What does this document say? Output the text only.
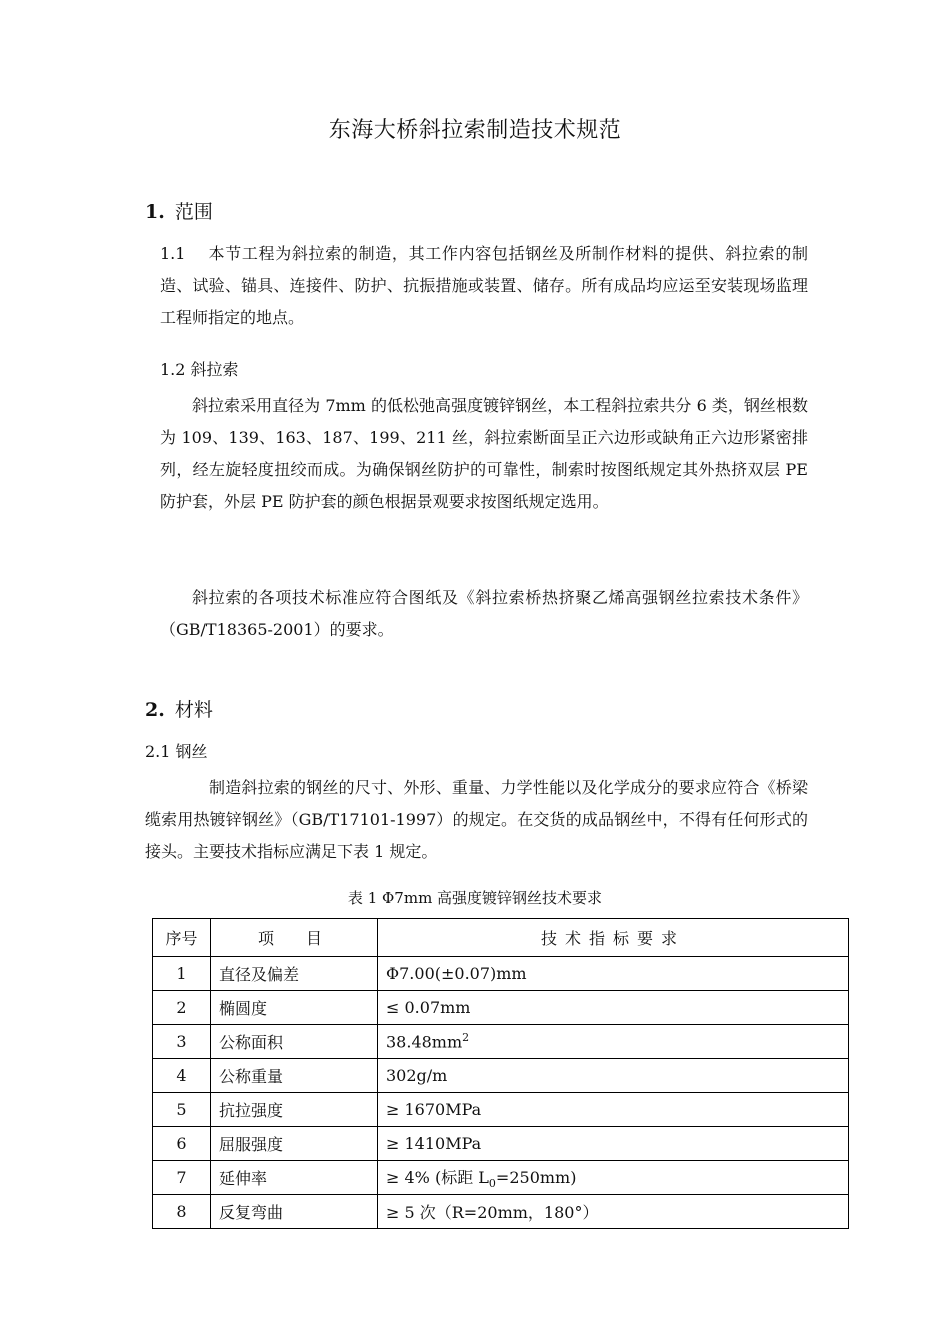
东海大桥斜拉索制造技术规范
1. 范围
1.1　 本节工程为斜拉索的制造，其工作内容包括钢丝及所制作材料的提供、斜拉索的制造、试验、锚具、连接件、防护、抗振措施或装置、储存。所有成品均应运至安装现场监理工程师指定的地点。
1.2 斜拉索
斜拉索采用直径为 7mm 的低松弛高强度镀锌钢丝，本工程斜拉索共分 6 类，钢丝根数为 109、139、163、187、199、211 丝，斜拉索断面呈正六边形或缺角正六边形紧密排列，经左旋轻度扭绞而成。为确保钢丝防护的可靠性，制索时按图纸规定其外热挤双层 PE 防护套，外层 PE 防护套的颜色根据景观要求按图纸规定选用。
斜拉索的各项技术标准应符合图纸及《斜拉索桥热挤聚乙烯高强钢丝拉索技术条件》（GB/T18365-2001）的要求。
2. 材料
2.1 钢丝
制造斜拉索的钢丝的尺寸、外形、重量、力学性能以及化学成分的要求应符合《桥梁缆索用热镀锌钢丝》（GB/T17101-1997）的规定。在交货的成品钢丝中，不得有任何形式的接头。主要技术指标应满足下表 1 规定。
表 1 Φ7mm 高强度镀锌钢丝技术要求
序号	项　目	技术指标要求
1	直径及偏差	Φ7.00(±0.07)mm
2	椭圆度	≤ 0.07mm
3	公称面积	$38.48mm^2$
4	公称重量	302g/m
5	抗拉强度	≥ 1670MPa
6	屈服强度	≥ 1410MPa
7	延伸率	≥ 4% (标距 $L_0=250mm$)
8	反复弯曲	≥ 5 次（R=20mm，180°）
